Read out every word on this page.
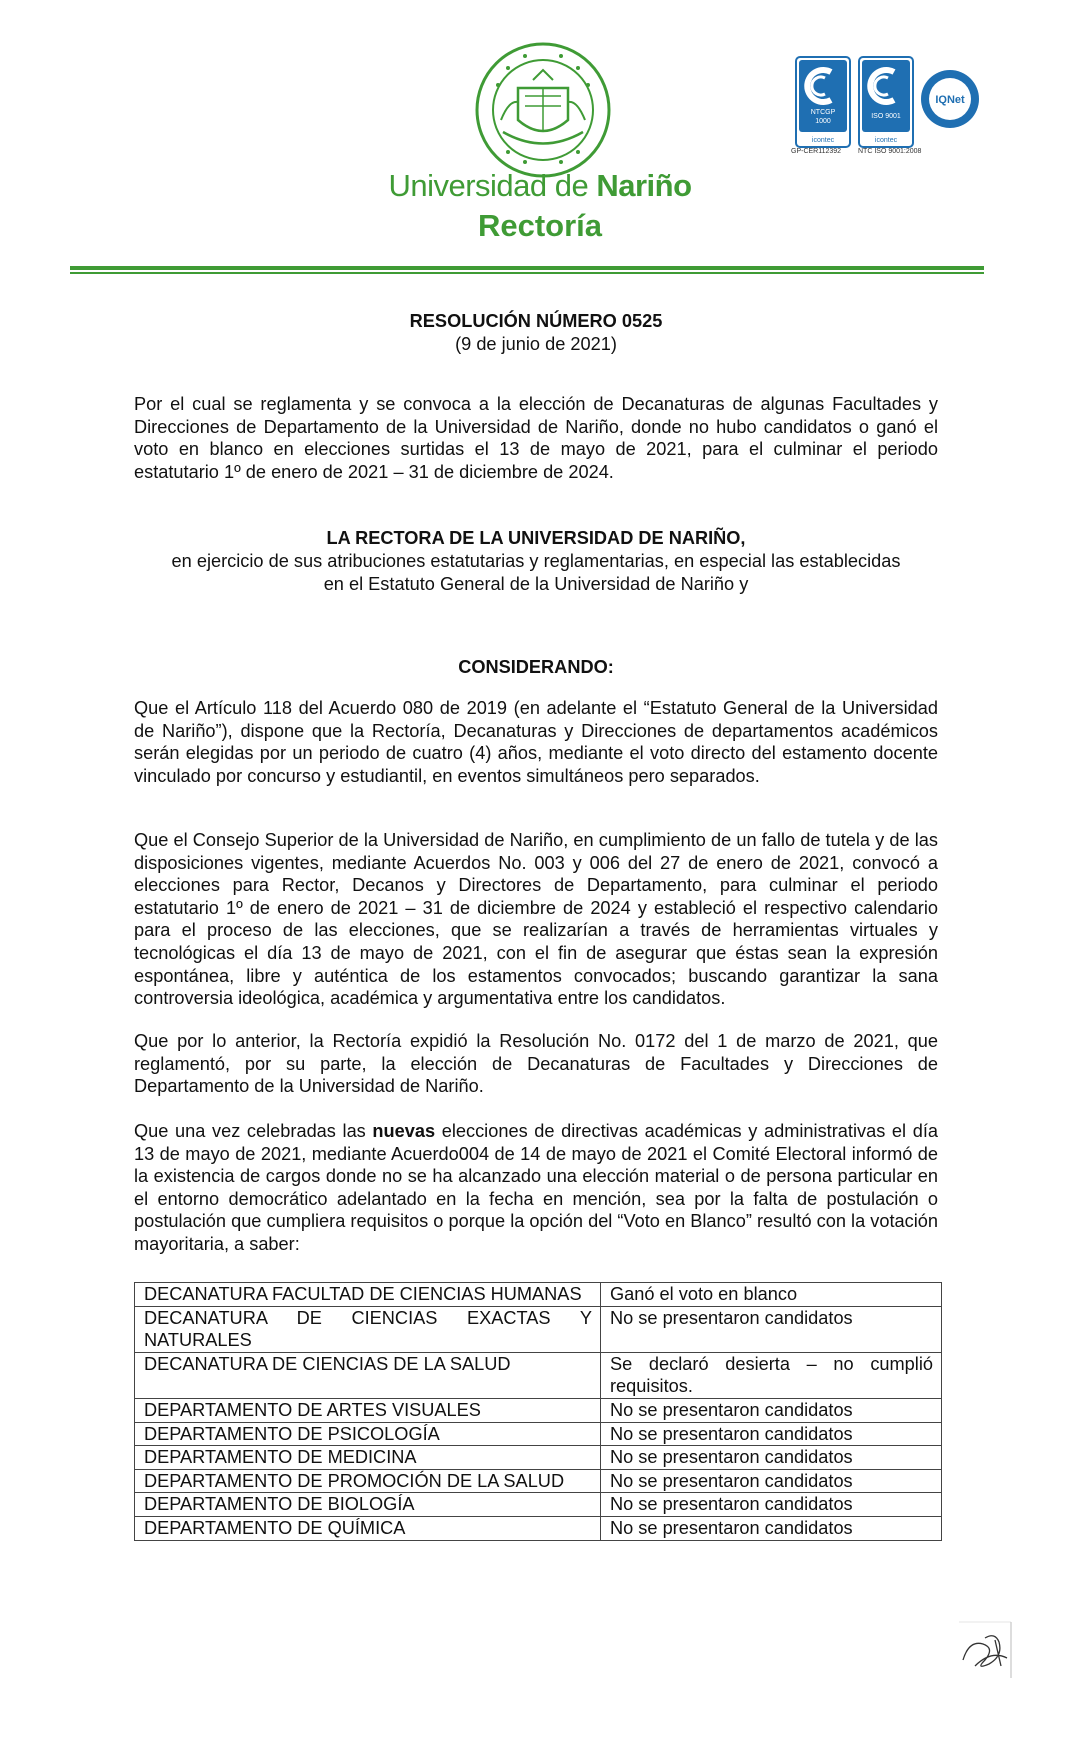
Universidad de Nariño
Rectoría
NTCGP
1000
icontec
ISO 9001
icontec
IQNet
GP-CER112392 NTC ISO 9001:2008
RESOLUCIÓN NÚMERO 0525
(9 de junio de 2021)
Por el cual se reglamenta y se convoca a la elección de Decanaturas de algunas Facultades y Direcciones de Departamento de la Universidad de Nariño, donde no hubo candidatos o ganó el voto en blanco en elecciones surtidas el 13 de mayo de 2021, para el culminar el periodo estatutario 1º de enero de 2021 – 31 de diciembre de 2024.
LA RECTORA DE LA UNIVERSIDAD DE NARIÑO,
en ejercicio de sus atribuciones estatutarias y reglamentarias, en especial las establecidas
en el Estatuto General de la Universidad de Nariño y
CONSIDERANDO:
Que el Artículo 118 del Acuerdo 080 de 2019 (en adelante el “Estatuto General de la Universidad de Nariño”), dispone que la Rectoría, Decanaturas y Direcciones de departamentos académicos serán elegidas por un periodo de cuatro (4) años, mediante el voto directo del estamento docente vinculado por concurso y estudiantil, en eventos simultáneos pero separados.
Que el Consejo Superior de la Universidad de Nariño, en cumplimiento de un fallo de tutela y de las disposiciones vigentes, mediante Acuerdos No. 003 y 006 del 27 de enero de 2021, convocó a elecciones para Rector, Decanos y Directores de Departamento, para culminar el periodo estatutario 1º de enero de 2021 – 31 de diciembre de 2024 y estableció el respectivo calendario para el proceso de las elecciones, que se realizarían a través de herramientas virtuales y tecnológicas el día 13 de mayo de 2021, con el fin de asegurar que éstas sean la expresión espontánea, libre y auténtica de los estamentos convocados; buscando garantizar la sana controversia ideológica, académica y argumentativa entre los candidatos.
Que por lo anterior, la Rectoría expidió la Resolución No. 0172 del 1 de marzo de 2021, que reglamentó, por su parte, la elección de Decanaturas de Facultades y Direcciones de Departamento de la Universidad de Nariño.
Que una vez celebradas las nuevas elecciones de directivas académicas y administrativas el día 13 de mayo de 2021, mediante Acuerdo004 de 14 de mayo de 2021 el Comité Electoral informó de la existencia de cargos donde no se ha alcanzado una elección material o de persona particular en el entorno democrático adelantado en la fecha en mención, sea por la falta de postulación o postulación que cumpliera requisitos o porque la opción del “Voto en Blanco” resultó con la votación mayoritaria, a saber:
DECANATURA FACULTAD DE CIENCIAS HUMANAS	Ganó el voto en blanco
DECANATURA DE CIENCIAS EXACTAS Y NATURALES	No se presentaron candidatos
DECANATURA DE CIENCIAS DE LA SALUD	Se declaró desierta – no cumplió requisitos.
DEPARTAMENTO DE ARTES VISUALES	No se presentaron candidatos
DEPARTAMENTO DE PSICOLOGÍA	No se presentaron candidatos
DEPARTAMENTO DE MEDICINA	No se presentaron candidatos
DEPARTAMENTO DE PROMOCIÓN DE LA SALUD	No se presentaron candidatos
DEPARTAMENTO DE BIOLOGÍA	No se presentaron candidatos
DEPARTAMENTO DE QUÍMICA	No se presentaron candidatos
